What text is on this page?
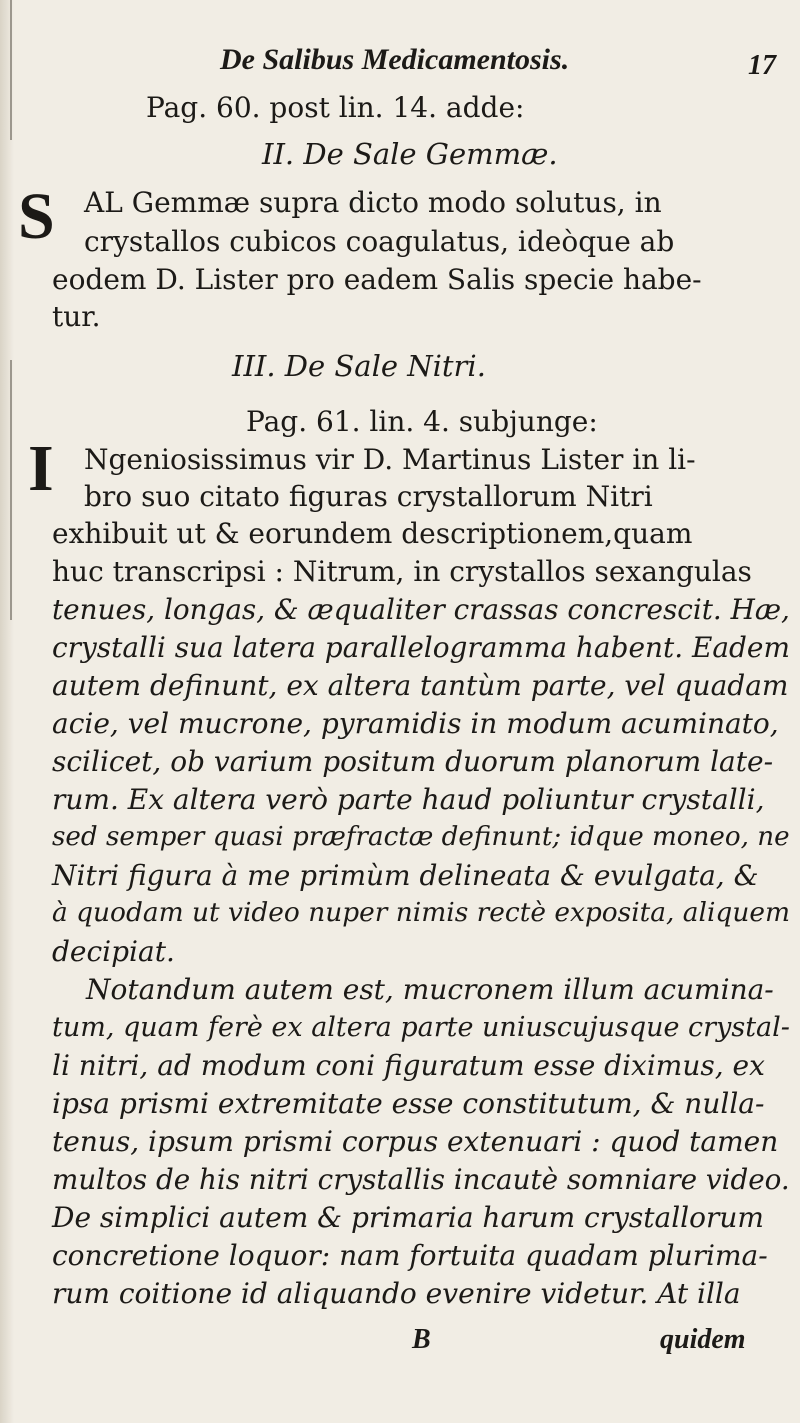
De Salibus Medicamentosis.	17
Pag. 60. post lin. 14. adde:
II. De Sale Gemmæ.
S AL Gemmæ supra dicto modo solutus, in
crystallos cubicos coagulatus, ideòque ab
eodem D. Lister pro eadem Salis specie habe-
tur.
III. De Sale Nitri.
Pag. 61. lin. 4. subjunge:
I Ngeniosissimus vir D. Martinus Lister in li-
bro suo citato figuras crystallorum Nitri
exhibuit ut & eorundem descriptionem,quam
huc transcripsi : Nitrum, in crystallos sexangulas
tenues, longas, & æqualiter crassas concrescit. Hæ,
crystalli sua latera parallelogramma habent. Eadem
autem definunt, ex altera tantùm parte, vel quadam
acie, vel mucrone, pyramidis in modum acuminato,
scilicet, ob varium positum duorum planorum late-
rum. Ex altera verò parte haud poliuntur crystalli,
sed semper quasi præfractæ definunt; idque moneo, ne
Nitri figura à me primùm delineata & evulgata, &
à quodam ut video nuper nimis rectè exposita, aliquem
decipiat.
Notandum autem est, mucronem illum acumina-
tum, quam ferè ex altera parte uniuscujusque crystal-
li nitri, ad modum coni figuratum esse diximus, ex
ipsa prismi extremitate esse constitutum, & nulla-
tenus, ipsum prismi corpus extenuari : quod tamen
multos de his nitri crystallis incautè somniare video.
De simplici autem & primaria harum crystallorum
concretione loquor: nam fortuita quadam plurima-
rum coitione id aliquando evenire videtur. At illa
B	quidem
